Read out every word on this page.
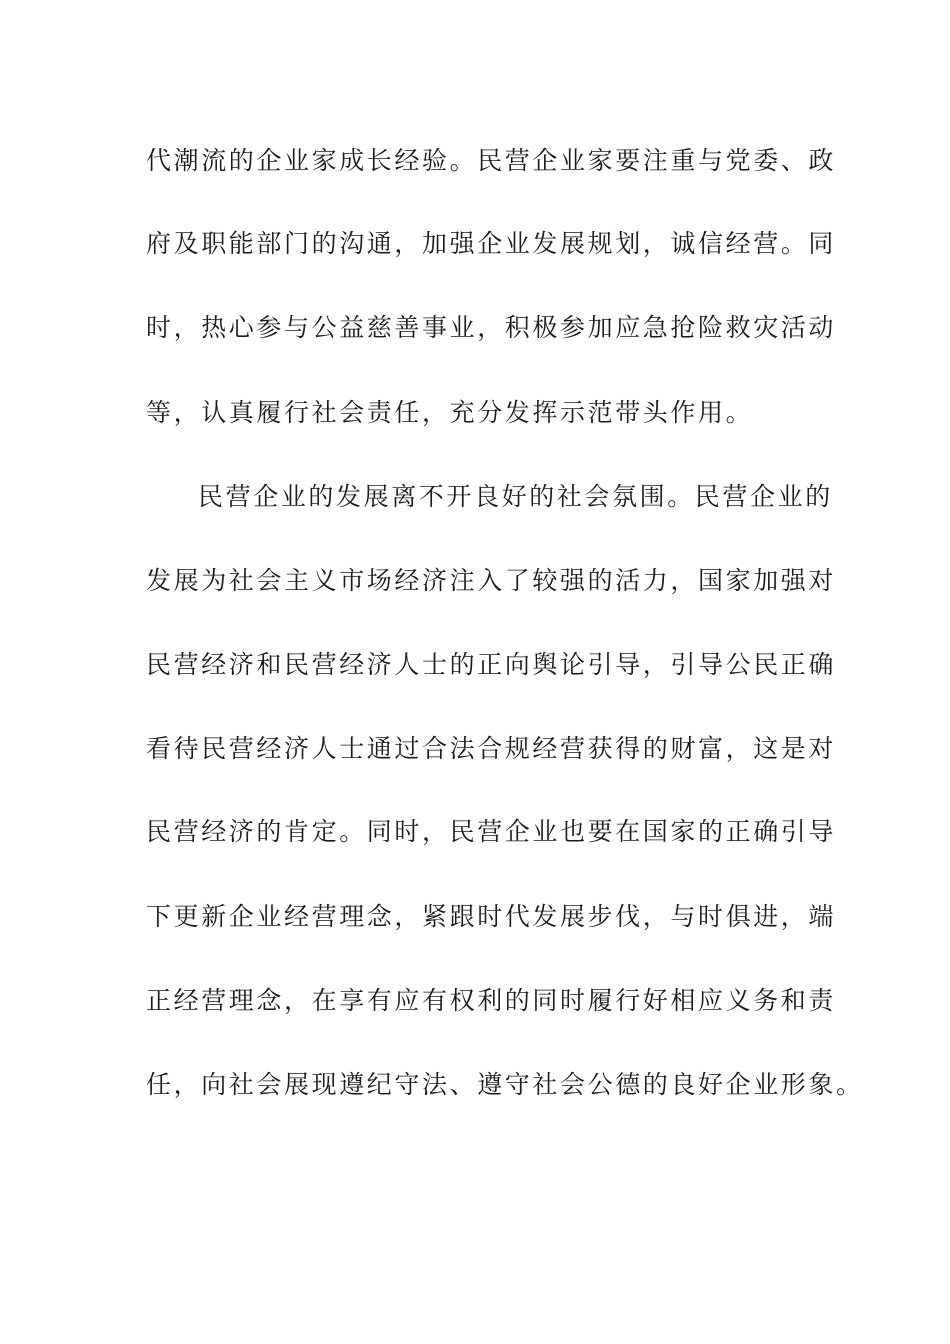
代潮流的企业家成长经验。民营企业家要注重与党委、政
府及职能部门的沟通，加强企业发展规划，诚信经营。同
时，热心参与公益慈善事业，积极参加应急抢险救灾活动
等，认真履行社会责任，充分发挥示范带头作用。
民营企业的发展离不开良好的社会氛围。民营企业的
发展为社会主义市场经济注入了较强的活力，国家加强对
民营经济和民营经济人士的正向舆论引导，引导公民正确
看待民营经济人士通过合法合规经营获得的财富，这是对
民营经济的肯定。同时，民营企业也要在国家的正确引导
下更新企业经营理念，紧跟时代发展步伐，与时俱进，端
正经营理念，在享有应有权利的同时履行好相应义务和责
任，向社会展现遵纪守法、遵守社会公德的良好企业形象。
